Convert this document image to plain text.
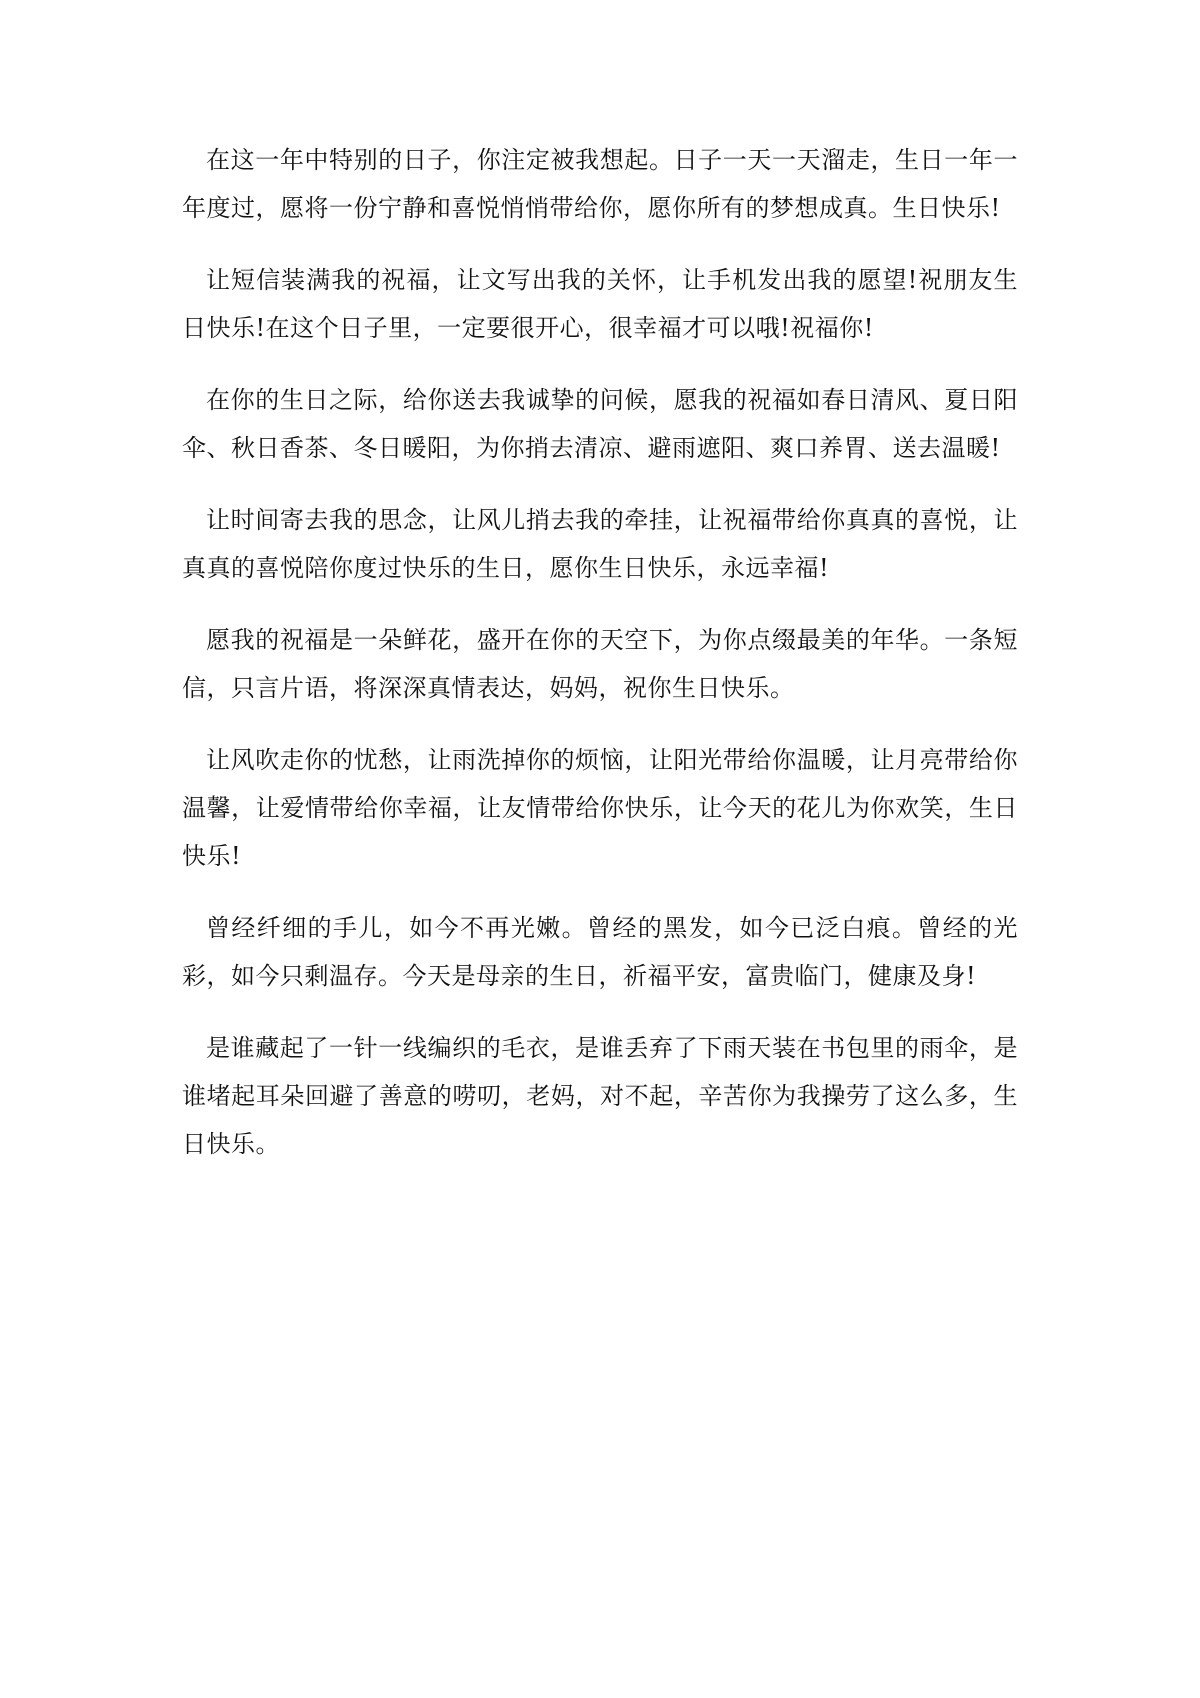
在这一年中特别的日子，你注定被我想起。日子一天一天溜走，生日一年一年度过，愿将一份宁静和喜悦悄悄带给你，愿你所有的梦想成真。生日快乐!

让短信装满我的祝福，让文写出我的关怀，让手机发出我的愿望!祝朋友生日快乐!在这个日子里，一定要很开心，很幸福才可以哦!祝福你!

在你的生日之际，给你送去我诚挚的问候，愿我的祝福如春日清风、夏日阳伞、秋日香茶、冬日暖阳，为你捎去清凉、避雨遮阳、爽口养胃、送去温暖!

让时间寄去我的思念，让风儿捎去我的牵挂，让祝福带给你真真的喜悦，让真真的喜悦陪你度过快乐的生日，愿你生日快乐，永远幸福!

愿我的祝福是一朵鲜花，盛开在你的天空下，为你点缀最美的年华。一条短信，只言片语，将深深真情表达，妈妈，祝你生日快乐。

让风吹走你的忧愁，让雨洗掉你的烦恼，让阳光带给你温暖，让月亮带给你温馨，让爱情带给你幸福，让友情带给你快乐，让今天的花儿为你欢笑，生日快乐!

曾经纤细的手儿，如今不再光嫩。曾经的黑发，如今已泛白痕。曾经的光彩，如今只剩温存。今天是母亲的生日，祈福平安，富贵临门，健康及身!

是谁藏起了一针一线编织的毛衣，是谁丢弃了下雨天装在书包里的雨伞，是谁堵起耳朵回避了善意的唠叨，老妈，对不起，辛苦你为我操劳了这么多，生日快乐。
